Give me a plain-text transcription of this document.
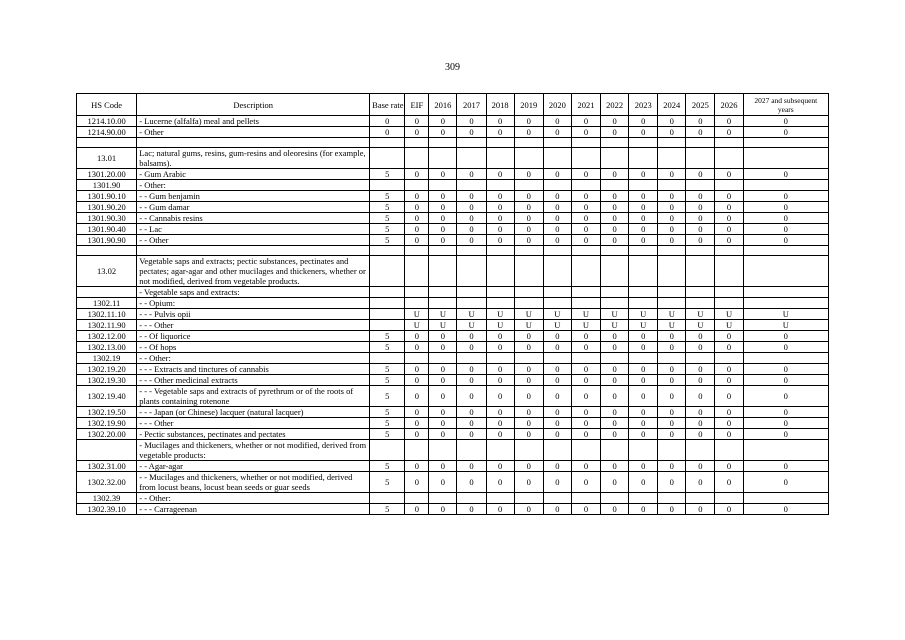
309
HS Code	Description	Base rate	EIF	2016	2017	2018	2019	2020	2021	2022	2023	2024	2025	2026	2027 and subsequent years
1214.10.00	- Lucerne (alfalfa) meal and pellets	0	0	0	0	0	0	0	0	0	0	0	0	0	0
1214.90.00	- Other	0	0	0	0	0	0	0	0	0	0	0	0	0	0

13.01	Lac; natural gums, resins, gum-resins and oleoresins (for example, balsams).														
1301.20.00	- Gum Arabic	5	0	0	0	0	0	0	0	0	0	0	0	0	0
1301.90	- Other:														
1301.90.10	- - Gum benjamin	5	0	0	0	0	0	0	0	0	0	0	0	0	0
1301.90.20	- - Gum damar	5	0	0	0	0	0	0	0	0	0	0	0	0	0
1301.90.30	- - Cannabis resins	5	0	0	0	0	0	0	0	0	0	0	0	0	0
1301.90.40	- - Lac	5	0	0	0	0	0	0	0	0	0	0	0	0	0
1301.90.90	- - Other	5	0	0	0	0	0	0	0	0	0	0	0	0	0

13.02	Vegetable saps and extracts; pectic substances, pectinates and pectates; agar-agar and other mucilages and thickeners, whether or not modified, derived from vegetable products.														
	- Vegetable saps and extracts:														
1302.11	- - Opium:														
1302.11.10	- - - Pulvis opii		U	U	U	U	U	U	U	U	U	U	U	U	U
1302.11.90	- - - Other		U	U	U	U	U	U	U	U	U	U	U	U	U
1302.12.00	- - Of liquorice	5	0	0	0	0	0	0	0	0	0	0	0	0	0
1302.13.00	- - Of hops	5	0	0	0	0	0	0	0	0	0	0	0	0	0
1302.19	- - Other:														
1302.19.20	- - - Extracts and tinctures of cannabis	5	0	0	0	0	0	0	0	0	0	0	0	0	0
1302.19.30	- - - Other medicinal extracts	5	0	0	0	0	0	0	0	0	0	0	0	0	0
1302.19.40	- - - Vegetable saps and extracts of pyrethrum or of the roots of plants containing rotenone	5	0	0	0	0	0	0	0	0	0	0	0	0	0
1302.19.50	- - - Japan (or Chinese) lacquer (natural lacquer)	5	0	0	0	0	0	0	0	0	0	0	0	0	0
1302.19.90	- - - Other	5	0	0	0	0	0	0	0	0	0	0	0	0	0
1302.20.00	- Pectic substances, pectinates and pectates	5	0	0	0	0	0	0	0	0	0	0	0	0	0
	- Mucilages and thickeners, whether or not modified, derived from vegetable products:														
1302.31.00	- - Agar-agar	5	0	0	0	0	0	0	0	0	0	0	0	0	0
1302.32.00	- - Mucilages and thickeners, whether or not modified, derived from locust beans, locust bean seeds or guar seeds	5	0	0	0	0	0	0	0	0	0	0	0	0	0
1302.39	- - Other:														
1302.39.10	- - - Carrageenan	5	0	0	0	0	0	0	0	0	0	0	0	0	0
